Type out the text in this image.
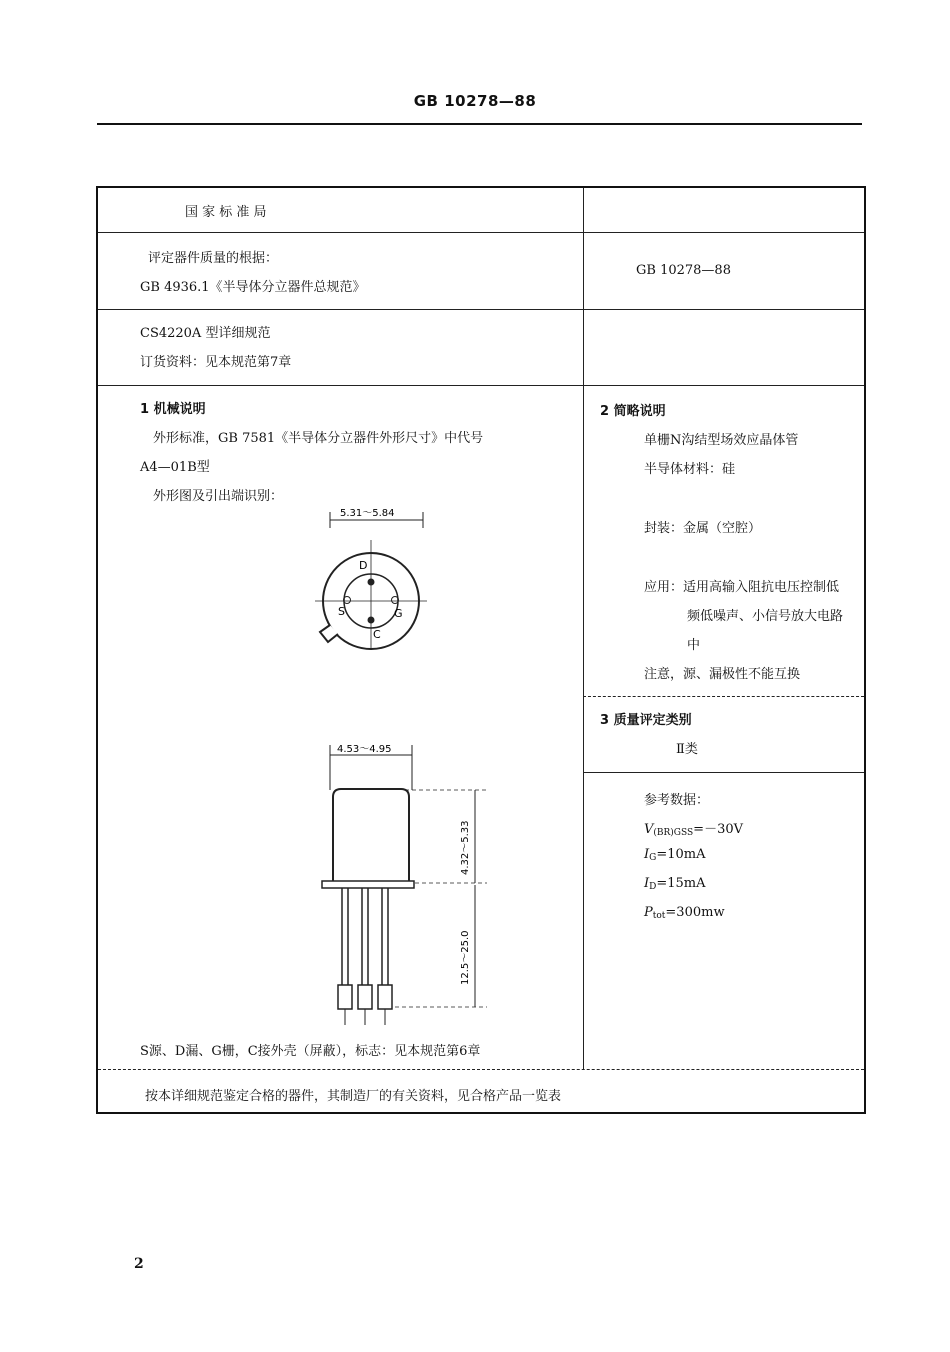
GB 10278—88
国 家 标 准 局
评定器件质量的根据：
GB 4936.1《半导体分立器件总规范》
GB 10278—88
CS4220A 型详细规范
订货资料：见本规范第7章
1 机械说明
外形标准，GB 7581《半导体分立器件外形尺寸》中代号
A4—01B型
外形图及引出端识别：
5.31～5.84
D
S	G
C
4.53～4.95
4.32～5.33
12.5～25.0
S源、D漏、G栅，C接外壳（屏蔽），标志：见本规范第6章
2 简略说明
单栅N沟结型场效应晶体管
半导体材料：硅
封装：金属（空腔）
应用：适用高输入阻抗电压控制低
频低噪声、小信号放大电路
中
注意，源、漏极性不能互换
3 质量评定类别
Ⅱ类
参考数据：
$V_{(BR)GSS}=-30V$
$I_G=10mA$
$I_D=15mA$
$P_{tot}=300mw$
按本详细规范鉴定合格的器件，其制造厂的有关资料，见合格产品一览表
2
